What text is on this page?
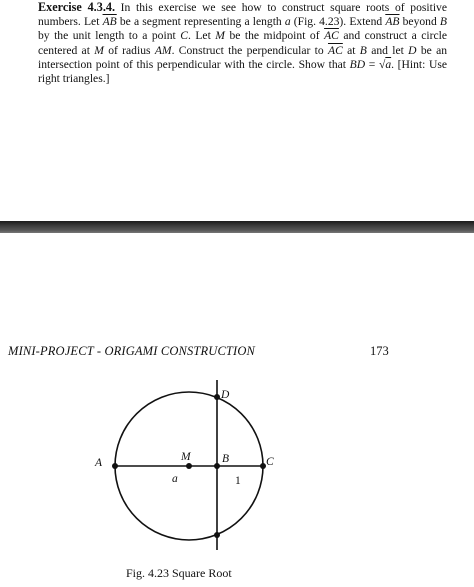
Exercise 4.3.4. In this exercise we see how to construct square roots of positive numbers. Let $\overline{AB}$ be a segment representing a length a (Fig. 4.23). Extend $\overline{AB}$ beyond B by the unit length to a point C. Let M be the midpoint of $\overline{AC}$ and construct a circle centered at M of radius AM. Construct the perpendicular to $\overline{AC}$ at B and let D be an intersection point of this perpendicular with the circle. Show that BD = √a. [Hint: Use right triangles.]
MINI-PROJECT - ORIGAMI CONSTRUCTION	173
D
A	M	B	C
a	1
Fig. 4.23 Square Root
